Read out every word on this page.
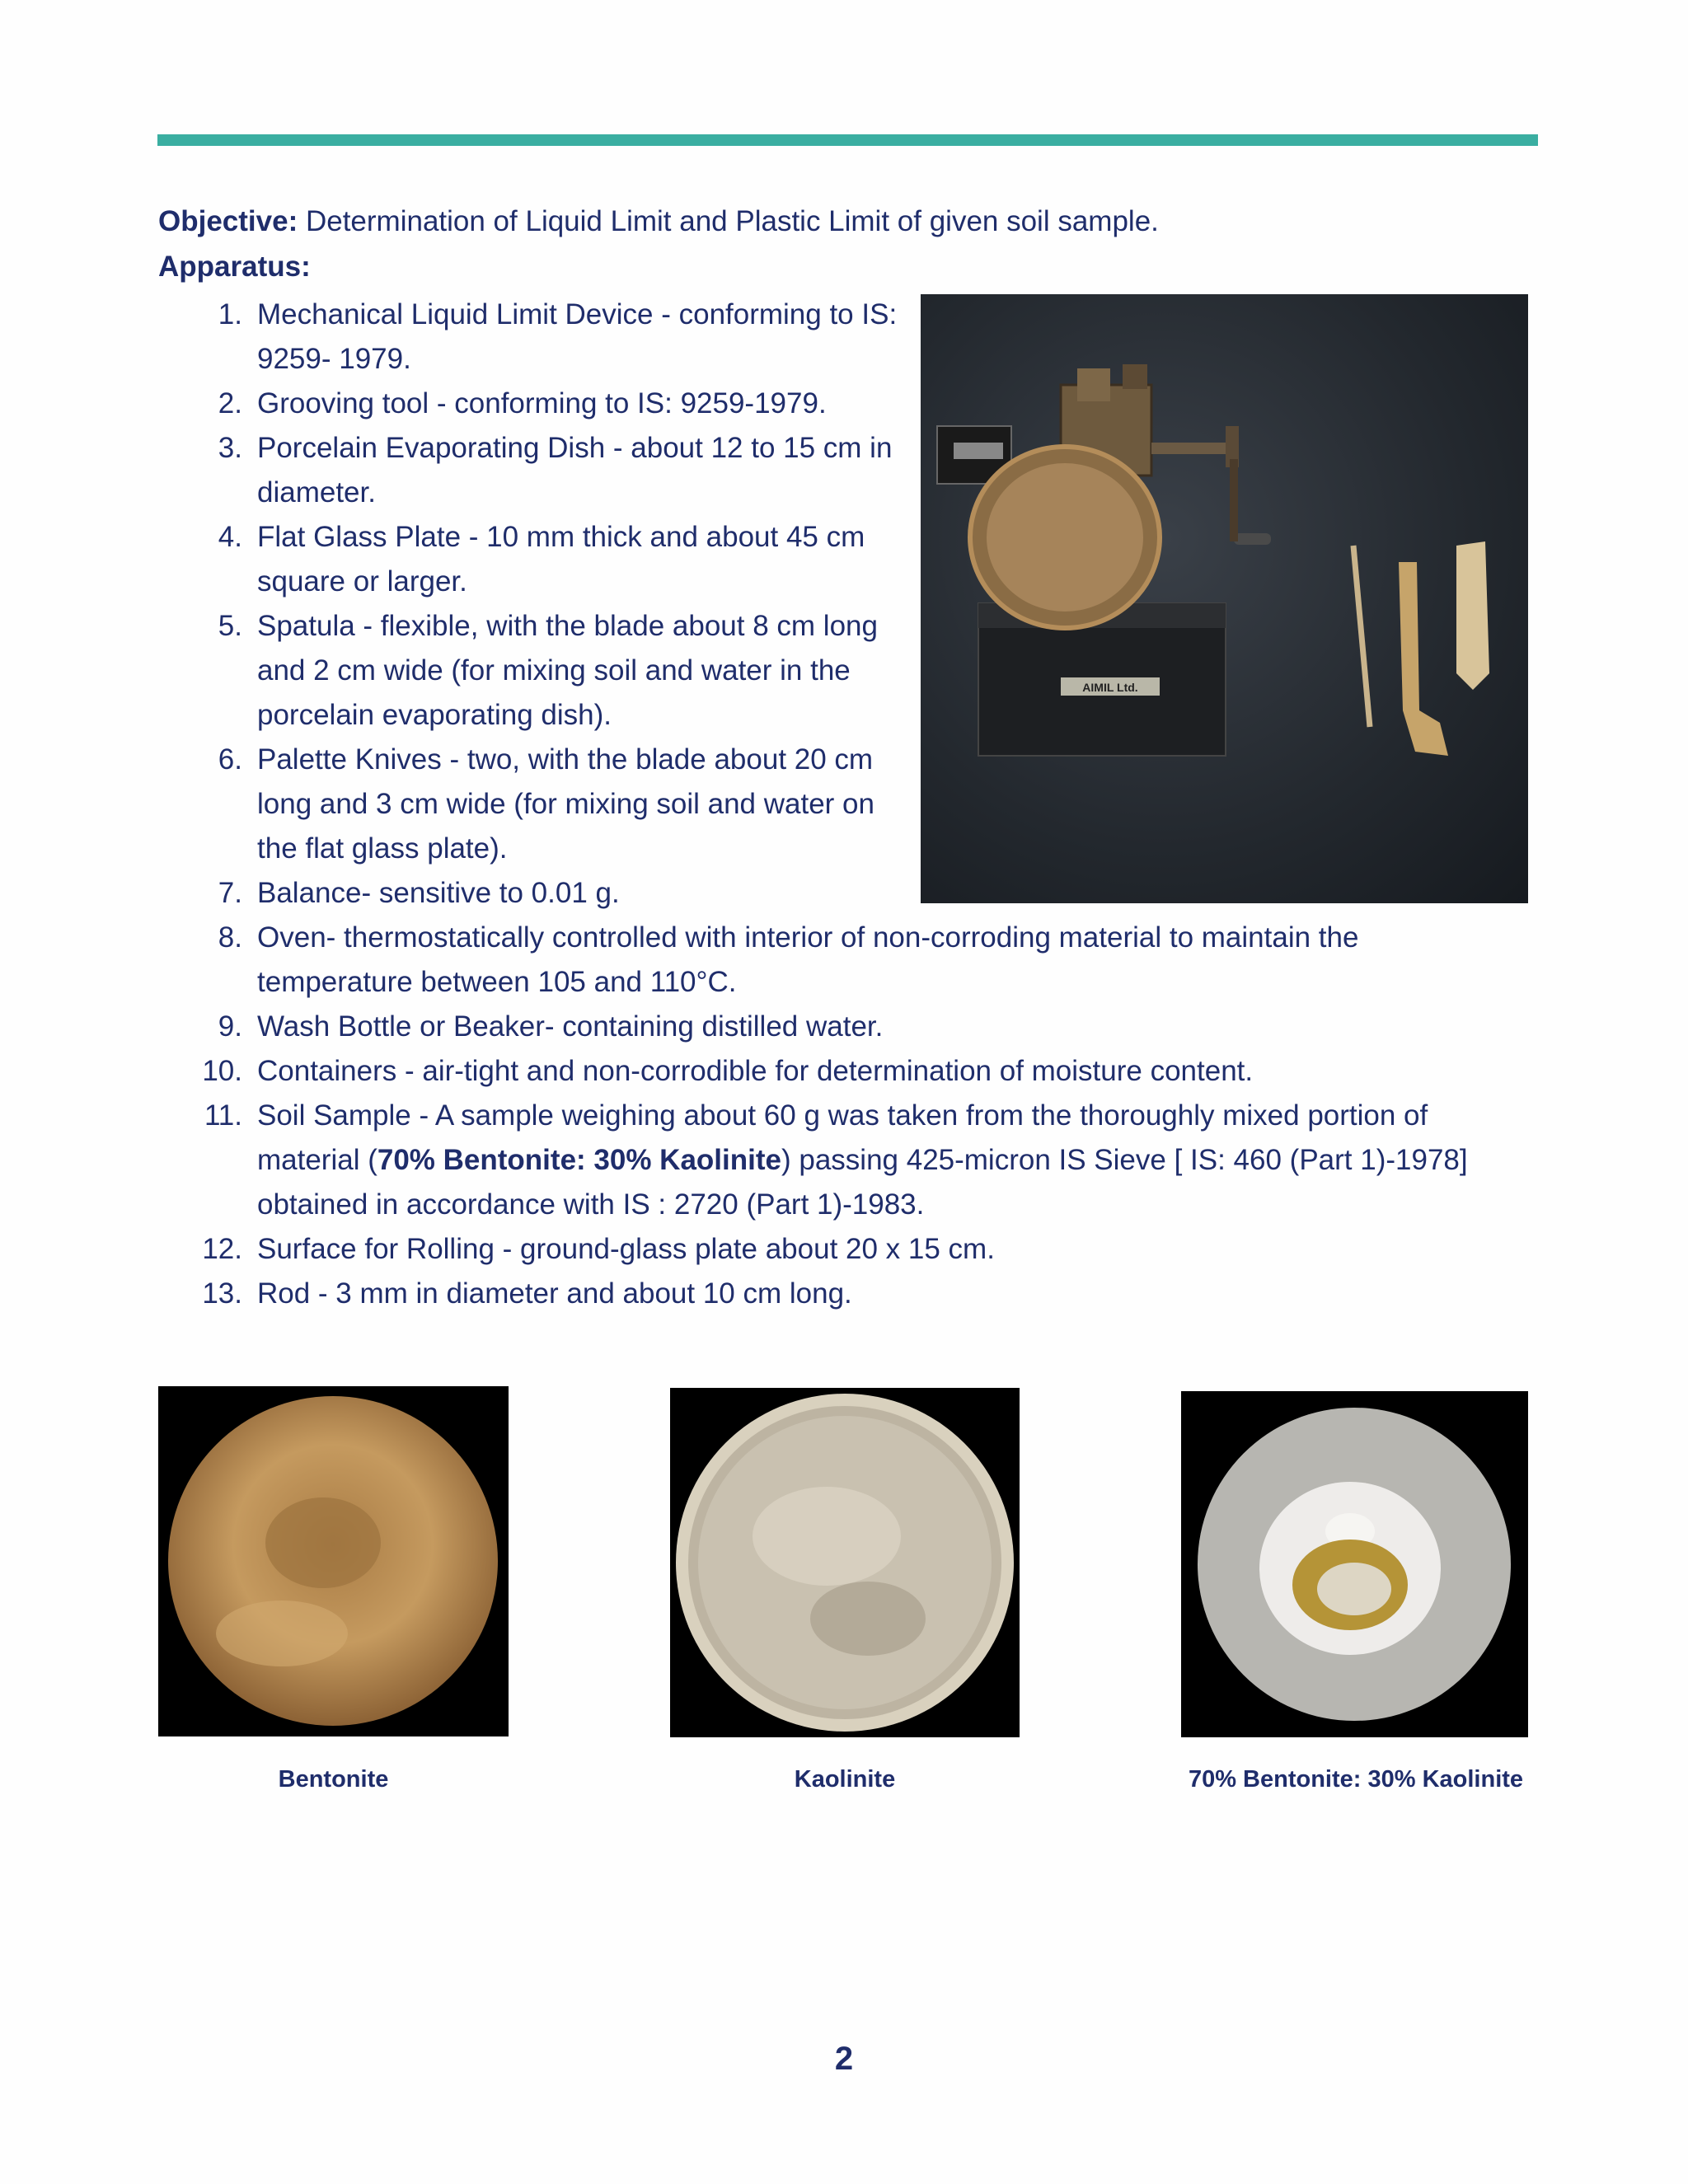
Objective: Determination of Liquid Limit and Plastic Limit of given soil sample.
Apparatus:
1. Mechanical Liquid Limit Device - conforming to IS: 9259- 1979.
2. Grooving tool - conforming to IS: 9259-1979.
3. Porcelain Evaporating Dish - about 12 to 15 cm in diameter.
4. Flat Glass Plate - 10 mm thick and about 45 cm square or larger.
5. Spatula - flexible, with the blade about 8 cm long and 2 cm wide (for mixing soil and water in the porcelain evaporating dish).
6. Palette Knives - two, with the blade about 20 cm long and 3 cm wide (for mixing soil and water on the flat glass plate).
7. Balance- sensitive to 0.01 g.
8. Oven- thermostatically controlled with interior of non-corroding material to maintain the temperature between 105 and 110°C.
9. Wash Bottle or Beaker- containing distilled water.
10. Containers - air-tight and non-corrodible for determination of moisture content.
11. Soil Sample - A sample weighing about 60 g was taken from the thoroughly mixed portion of material (70% Bentonite: 30% Kaolinite) passing 425-micron IS Sieve [ IS: 460 (Part 1)-1978] obtained in accordance with IS : 2720 (Part 1)-1983.
12. Surface for Rolling - ground-glass plate about 20 x 15 cm.
13. Rod - 3 mm in diameter and about 10 cm long.
AIMIL Ltd.
Bentonite	Kaolinite	70% Bentonite: 30% Kaolinite
2
